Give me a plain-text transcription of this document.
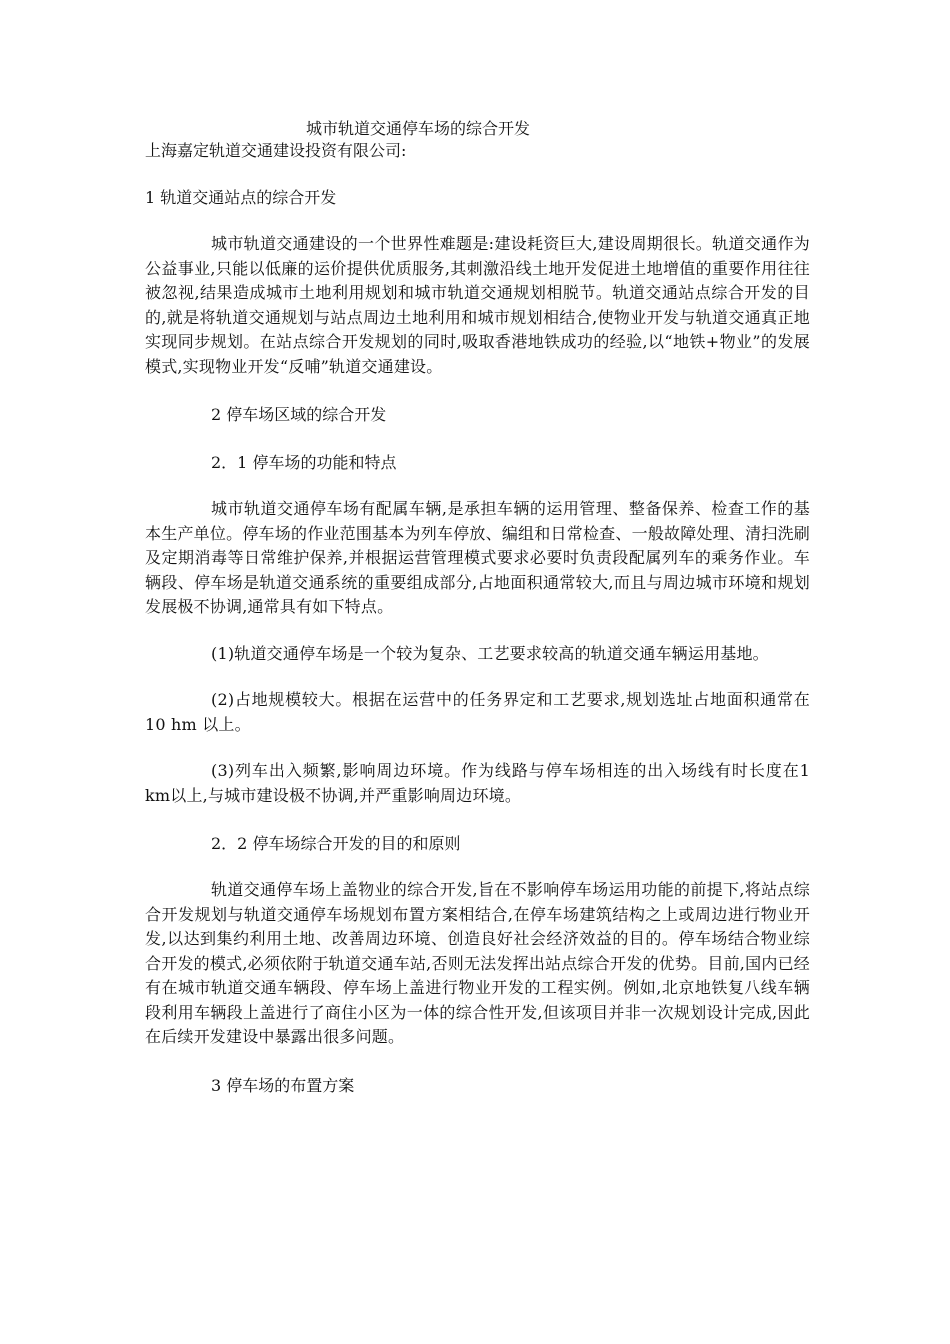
城市轨道交通停车场的综合开发

上海嘉定轨道交通建设投资有限公司:

1 轨道交通站点的综合开发

城市轨道交通建设的一个世界性难题是:建设耗资巨大,建设周期很长。轨道交通作为公益事业,只能以低廉的运价提供优质服务,其刺激沿线土地开发促进土地增值的重要作用往往被忽视,结果造成城市土地利用规划和城市轨道交通规划相脱节。轨道交通站点综合开发的目的,就是将轨道交通规划与站点周边土地利用和城市规划相结合,使物业开发与轨道交通真正地实现同步规划。在站点综合开发规划的同时,吸取香港地铁成功的经验,以“地铁+物业”的发展模式,实现物业开发“反哺”轨道交通建设。

2 停车场区域的综合开发

2．1 停车场的功能和特点

城市轨道交通停车场有配属车辆,是承担车辆的运用管理、整备保养、检查工作的基本生产单位。停车场的作业范围基本为列车停放、编组和日常检查、一般故障处理、清扫洗刷及定期消毒等日常维护保养,并根据运营管理模式要求必要时负责段配属列车的乘务作业。车辆段、停车场是轨道交通系统的重要组成部分,占地面积通常较大,而且与周边城市环境和规划发展极不协调,通常具有如下特点。

(1)轨道交通停车场是一个较为复杂、工艺要求较高的轨道交通车辆运用基地。

(2)占地规模较大。根据在运营中的任务界定和工艺要求,规划选址占地面积通常在10 hm 以上。

(3)列车出入频繁,影响周边环境。作为线路与停车场相连的出入场线有时长度在1 km以上,与城市建设极不协调,并严重影响周边环境。

2．2 停车场综合开发的目的和原则

轨道交通停车场上盖物业的综合开发,旨在不影响停车场运用功能的前提下,将站点综合开发规划与轨道交通停车场规划布置方案相结合,在停车场建筑结构之上或周边进行物业开发,以达到集约利用土地、改善周边环境、创造良好社会经济效益的目的。停车场结合物业综合开发的模式,必须依附于轨道交通车站,否则无法发挥出站点综合开发的优势。目前,国内已经有在城市轨道交通车辆段、停车场上盖进行物业开发的工程实例。例如,北京地铁复八线车辆段利用车辆段上盖进行了商住小区为一体的综合性开发,但该项目并非一次规划设计完成,因此在后续开发建设中暴露出很多问题。

3 停车场的布置方案
